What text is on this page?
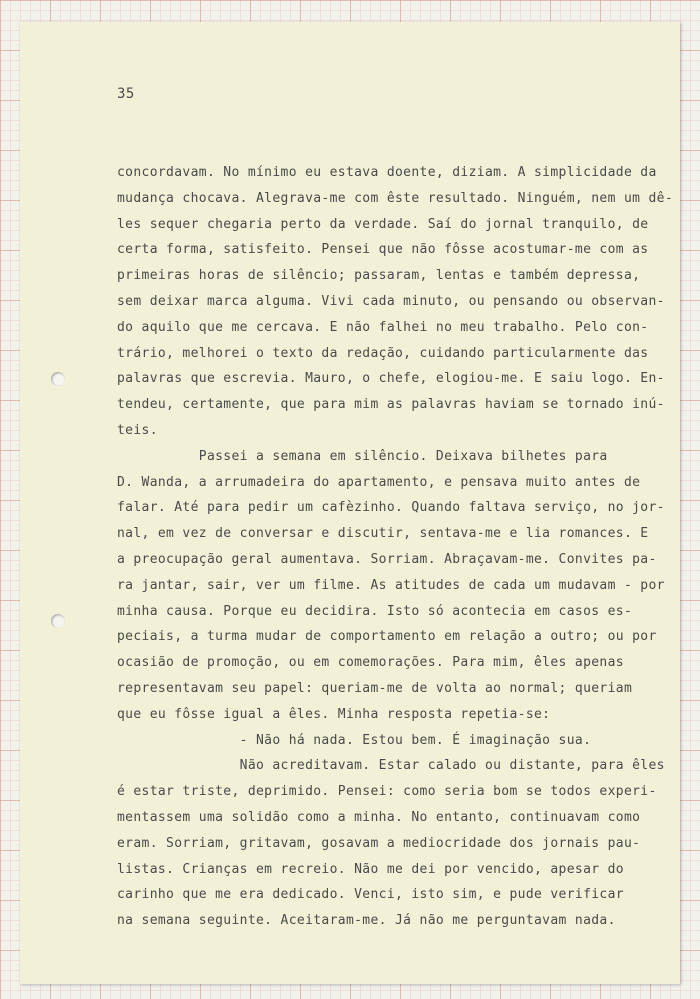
35
concordavam. No mínimo eu estava doente, diziam. A simplicidade da
mudança chocava. Alegrava-me com êste resultado. Ninguém, nem um dê-
les sequer chegaria perto da verdade. Saí do jornal tranquilo, de
certa forma, satisfeito. Pensei que não fôsse acostumar-me com as
primeiras horas de silêncio; passaram, lentas e também depressa,
sem deixar marca alguma. Vivi cada minuto, ou pensando ou observan-
do aquilo que me cercava. E não falhei no meu trabalho. Pelo con-
trário, melhorei o texto da redação, cuidando particularmente das
palavras que escrevia. Mauro, o chefe, elogiou-me. E saiu logo. En-
tendeu, certamente, que para mim as palavras haviam se tornado inú-
teis.
Passei a semana em silêncio. Deixava bilhetes para
D. Wanda, a arrumadeira do apartamento, e pensava muito antes de
falar. Até para pedir um cafèzinho. Quando faltava serviço, no jor-
nal, em vez de conversar e discutir, sentava-me e lia romances. E
a preocupação geral aumentava. Sorriam. Abraçavam-me. Convites pa-
ra jantar, sair, ver um filme. As atitudes de cada um mudavam - por
minha causa. Porque eu decidira. Isto só acontecia em casos es-
peciais, a turma mudar de comportamento em relação a outro; ou por
ocasião de promoção, ou em comemorações. Para mim, êles apenas
representavam seu papel: queriam-me de volta ao normal; queriam
que eu fôsse igual a êles. Minha resposta repetia-se:
- Não há nada. Estou bem. É imaginação sua.
Não acreditavam. Estar calado ou distante, para êles
é estar triste, deprimido. Pensei: como seria bom se todos experi-
mentassem uma solidão como a minha. No entanto, continuavam como
eram. Sorriam, gritavam, gosavam a mediocridade dos jornais pau-
listas. Crianças em recreio. Não me dei por vencido, apesar do
carinho que me era dedicado. Venci, isto sim, e pude verificar
na semana seguinte. Aceitaram-me. Já não me perguntavam nada.
